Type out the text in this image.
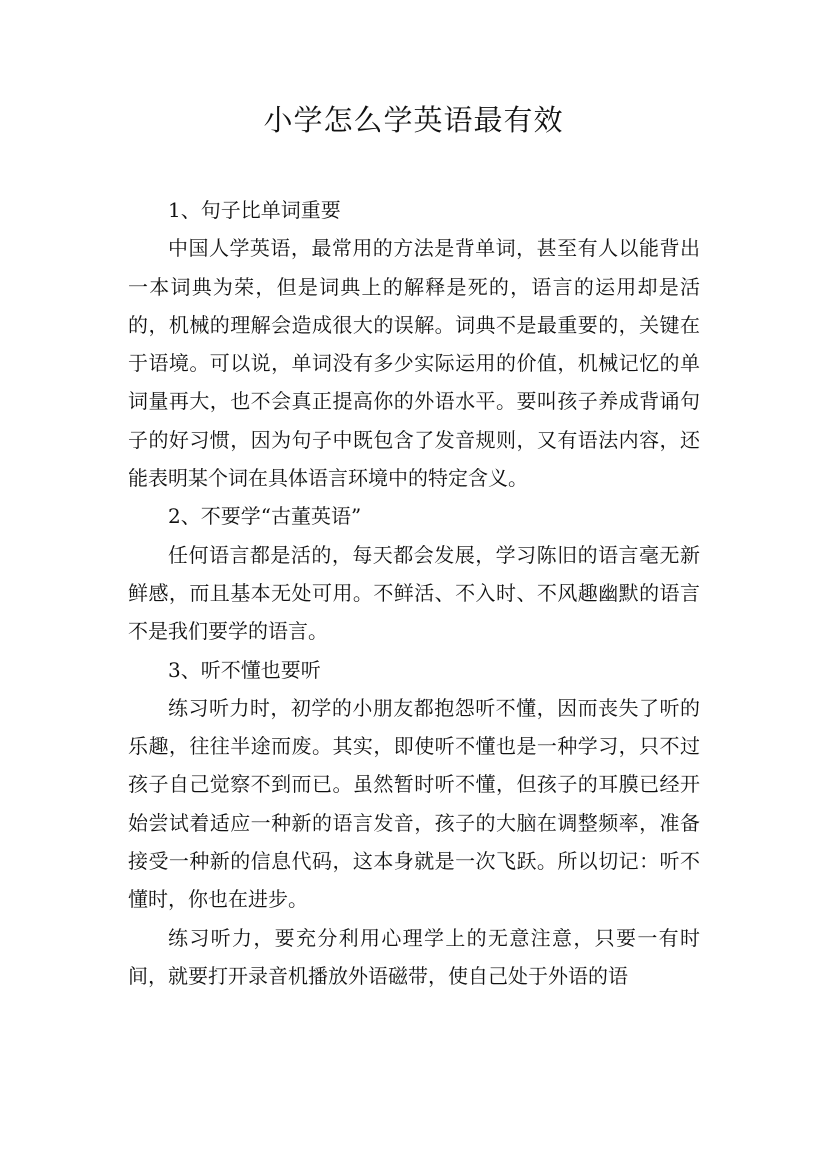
小学怎么学英语最有效

1、句子比单词重要

中国人学英语，最常用的方法是背单词，甚至有人以能背出一本词典为荣，但是词典上的解释是死的，语言的运用却是活的，机械的理解会造成很大的误解。词典不是最重要的，关键在于语境。可以说，单词没有多少实际运用的价值，机械记忆的单词量再大，也不会真正提高你的外语水平。要叫孩子养成背诵句子的好习惯，因为句子中既包含了发音规则，又有语法内容，还能表明某个词在具体语言环境中的特定含义。

2、不要学“古董英语”

任何语言都是活的，每天都会发展，学习陈旧的语言毫无新鲜感，而且基本无处可用。不鲜活、不入时、不风趣幽默的语言不是我们要学的语言。

3、听不懂也要听

练习听力时，初学的小朋友都抱怨听不懂，因而丧失了听的乐趣，往往半途而废。其实，即使听不懂也是一种学习，只不过孩子自己觉察不到而已。虽然暂时听不懂，但孩子的耳膜已经开始尝试着适应一种新的语言发音，孩子的大脑在调整频率，准备接受一种新的信息代码，这本身就是一次飞跃。所以切记：听不懂时，你也在进步。

练习听力，要充分利用心理学上的无意注意，只要一有时间，就要打开录音机播放外语磁带，使自己处于外语的语
